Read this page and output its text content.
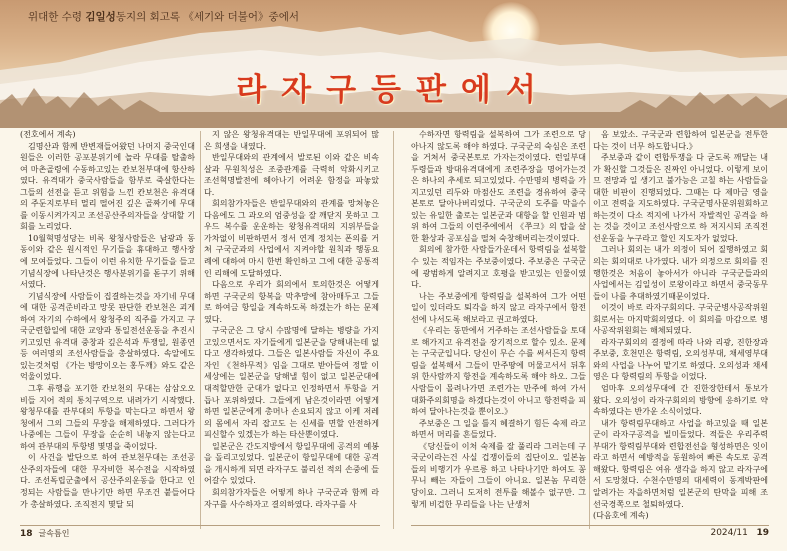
위대한 수령 김일성동지의 회고록 《세기와 더불어》중에서
라자구등판에서

(전호에서 계속)

김명산과 함께 반변재들어왔던 나머지 중국인대원들은 이러한 공포분위기에 놀라 무대를 탈출하여 마촌골령에 수동하고있는 칸보천부대에 항산하였다. 유격대가 중국사람들을 함부로 죽살한다는 그들의 선전을 듣고 위험을 느낀 칸보천은 유격대의 주둔지로부터 멀리 떨어진 깊은 골짜기에 무대를 이동시켜가지고 조선공산주의자들을 상대할 기회를 노리었다.

10월혁명성당는 비록 왕청사람들은 남광과 동동이와 같은 원시적인 무기들을 휴대하고 행사장에 모여들었다. 그들이 이런 유치한 무기들을 들고 기념식장에 나타난것은 행사분위기를 돋구기 위해서였다.

기념식장에 사람들이 집결하는것을 자기네 무대에 대한 공격준비라고 망못 판단한 칸보천은 괴게하여 자기의 수하에서 왕청주의 직주를 가지고 구국군련합일에 대한 교양과 통일전선운동을 추진시키고있던 유격대 중창과 깊은석과 투쟁일, 원종연 등 여러명의 조선사람들을 총살하였다. 속알에도 있는것처럼 《가는 방망이오는 홍두깨》와도 같은 억울이었다.

그후 류행을 포기한 칸보천의 무대는 삼삼오오 비들 지어 적의 통치구역으로 내려가기 시작했다. 왕청무대를 관부대의 투항을 막는다고 하면서 왕청에서 그의 그들의 무장을 해제하였다. 그러다가 나중에는 그들이 무장을 순순히 내놓지 않는다고 하여 관부대의 투항병 몇명을 죽이었다.

이 사건을 발단으로 하여 관보천무대는 조선공산주의자들에 대한 무자비한 복수전을 시작하였다. 조선독립군출에서 공산주의운동을 한다고 인정되는 사람들을 만나기만 하면 무조건 붙들어다가 총살하였다. 조직전지 몇달 되

지 않은 왕청유격대는 반일무대에 포위되어 많은 희생을 내였다.

반일무대와의 관계에서 발로된 이와 같은 비속살과 무원칙성은 조중관계를 극력히 악화시키고 조선혁명발전에 헤아나기 어려운 함정을 파놓았다.

회의참가자들은 반일무대와의 관계를 망쳐놓은 다음에도 그 과오의 엄중성을 잘 깨닫지 못하고 그 우드 복수를 운운하는 왕청유격대의 지위부들을 가차없이 비판하면서 정서 연계 정치는 폰의를 거쳐 구국군과의 사업에서 지켜야할 원칙과 행동요례에 대하여 마시 한번 확인하고 그에 대한 공통적인 리해에 도달하였다.

다음으로 우리가 회의에서 토의한것은 어떻게 하면 구국군의 항복을 막추망에 참아매두고 그들로 하여금 항일을 계속하도록 하겠는가 하는 문제였다.

구국군은 그 당시 수많명에 달하는 병량을 가지고있으면서도 자기들에게 일본군을 당해내는데 없다고 생각하였다. 그들은 일본사람들 자신이 주요자인 《천하무적》임을 그대로 받아들여 정말 이 세상에는 일본군을 당해낼 힘이 없고 일본군대에 대적할만한 군대가 없다고 인정하면서 투항을 거듭나 포위하였다. 그들에게 남은것이라면 어떻게 하면 일본군에게 총머나 손요되지 않고 이케 저레의 몸에서 자리 잡고도 는 신세를 면할 안전하게 피신할수 있겠는가 하는 타산뿐이였다.

일본군은 간도지방에서 항일무대에 공격의 예봉을 돌리고있었다. 일본군이 항일무대에 대한 공격을 개시하게 되면 라자구도 불리선 적의 손중에 들어갈수 있었다.

회의참가자들은 어떻게 하나 구국군과 함께 라자구를 사수하자고 결의하였다. 라자구를 사

수하자면 항력림을 설복하여 그가 조련으로 당아나지 않도록 해야 하였다. 구국군의 숙심은 조련을 거쳐서 중국본토로 가자는것이였다. 런일부대 두령들과 방대유격대에게 조련주장을 명어가는것은 하나의 추세로 되고있었다. 수만명의 병력을 가지고있던 리두와 마점산도 조련을 경유하여 중국본토로 달아나버리었다. 구국군의 도주를 막을수 있는 유일한 출로는 일본군과 대항을 할 인원과 범위 하여 그들의 이런주에에서 《쭈크》의 탑을 살한 환상과 공포심을 떨쳐 숙창해버리는것이였다.

회의에 참가한 사람들가운데서 항력림을 설복할수 있는 적임자는 주보중이였다. 주보중은 구국군에 광범하게 알려지고 호평을 받고있는 인물이였다.

나는 주보중에게 항력림을 설복하여 그가 어떤 일이 있더라도 퇴각을 하지 않고 라자구에서 함전선에 나서도록 해보라고 권고하였다.

《우리는 동만에서 거주하는 조선사람들을 토대로 해가지고 유격전을 장기적으로 할수 있소. 문제는 구국군입니다. 당신이 무슨 수를 써서든지 항력림을 설복해서 그들이 만주땅에 머물고서서 뒤후위 한사람까지 항전을 계속하도록 해야 하오. 그들사람들이 몰려나가면 조련가는 만주에 하여 가서 대화주의회명을 하겠다는것이 아니고 항전력을 피하여 달아나는것을 뿐이오.》

주보중은 그 일을 틀지 혜결하기 힘든 숙제 라고 하면서 머리를 흔들었다.

《당신들이 이처 숙제를 잘 풀리라 그러는데 구국군이라는건 사실 겁쟁이들의 집단이오. 일본놈들의 비행기가 우르릉 하고 나타나기만 하여도 꽁무니 빼는 자들이 그들이 아니요. 일본놈 무리한 당이요. 그러니 도저히 전투를 해볼수 없구만. 그렇게 비겁한 무리들을 나는 난생처

음 보았소. 구국군과 련합하여 일본군을 전투한다는 것이 너무 하도합니다.》

주보중과 같이 련합투쟁을 다 굳도록 깨달는 내가 확신할 그것들은 진짜인 아니었다. 이렇게 보이므 전망과 일 생기고 불가능은 고칠 하는 사람들을 대한 비판이 진행되었다. 그때는 다 제마금 영을 이고 전력을 지도하였다. 구국군명사문위원회하고 하는것이 다소 적지에 나가서 자발적인 공격을 하는 것을 것이고 조선사람으로 하 저지시되 조직전선운동을 누구라고 할인 지도자가 없었다.

그러나 회의는 내가 의정이 되어 질행하였고 회의는 회의대로 나가였다. 내가 의정으로 회의를 진행한것은 처음이 놓아서가 아니라 구국군들과의 사업에서는 김일성이 로왕이라고 하면서 중국동무들이 나를 추대하였기때문이었다.

이것이 바로 라자구회의다. 구국군병사공작위원회로서는 마지막회의였다. 이 회의를 마감으로 병사공작위원회는 해체되였다.

라자구회의의 결정에 따라 나와 리광, 진한장과 주보중, 호천민은 항력림, 오의성부대, 채세영부대와의 사업을 나누어 맡기로 하였다. 오의성과 채세영은 다 항력림의 투항을 이었다.

엄마후 오의성무대에 간 진한장한테서 통보가 왔다. 오의성이 라자구회의의 방향에 응하기로 약속하였다는 반가운 소식이었다.

내가 항력림무대하고 사업을 하고있을 때 일본군이 라자구공격을 빌미들었다. 적들은 우리주력부대가 항력림부대와 련합전선을 형성하면은 잇이라고 하면서 예방적을 동원하여 빠른 속도로 공격해왔다. 항력림은 여유 생각을 하지 않고 라자구에서 도망쳤다. 수천수만명의 대세력이 동계박판에 알려가는 자을하면처럼 일본군의 탄막을 피해 조선국경쪽으로 철퇴하였다.

(다음호에 계속)

18 글속틈인	2024/11 19
